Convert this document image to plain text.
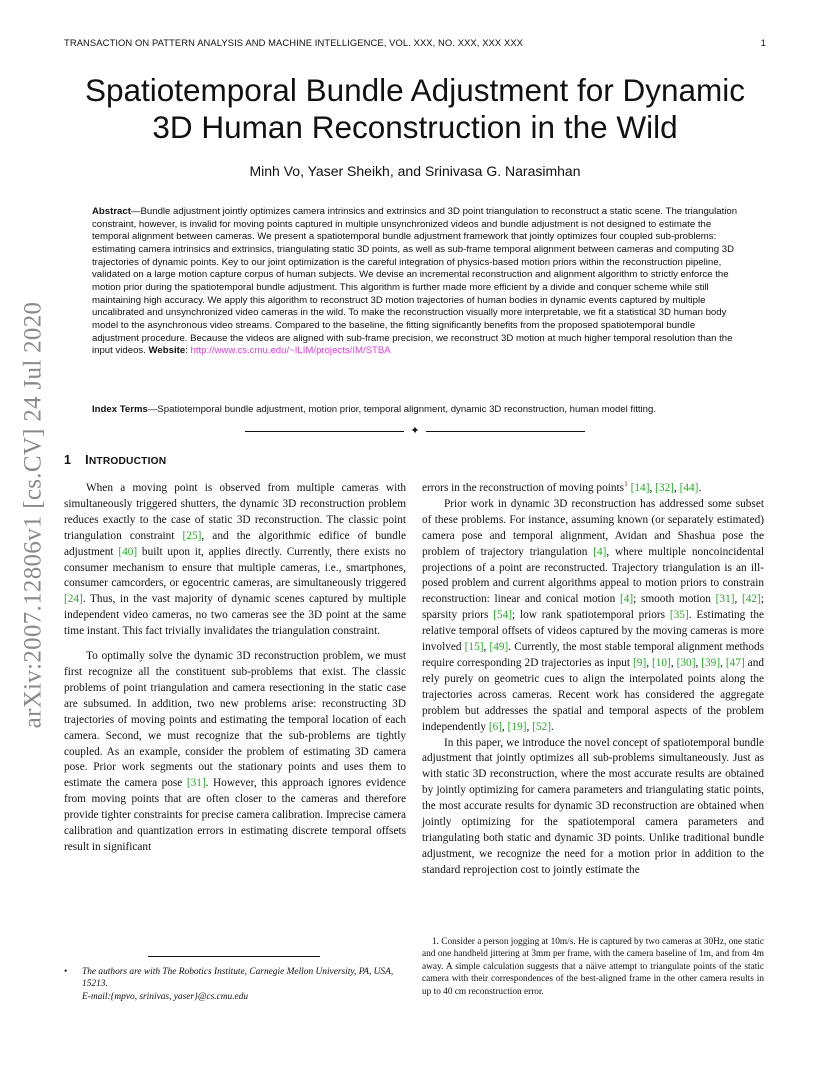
TRANSACTION ON PATTERN ANALYSIS AND MACHINE INTELLIGENCE, VOL. XXX, NO. XXX, XXX XXX	1
arXiv:2007.12806v1 [cs.CV] 24 Jul 2020
Spatiotemporal Bundle Adjustment for Dynamic
3D Human Reconstruction in the Wild
Minh Vo, Yaser Sheikh, and Srinivasa G. Narasimhan
Abstract—Bundle adjustment jointly optimizes camera intrinsics and extrinsics and 3D point triangulation to reconstruct a static scene. The triangulation constraint, however, is invalid for moving points captured in multiple unsynchronized videos and bundle adjustment is not designed to estimate the temporal alignment between cameras. We present a spatiotemporal bundle adjustment framework that jointly optimizes four coupled sub-problems: estimating camera intrinsics and extrinsics, triangulating static 3D points, as well as sub-frame temporal alignment between cameras and computing 3D trajectories of dynamic points. Key to our joint optimization is the careful integration of physics-based motion priors within the reconstruction pipeline, validated on a large motion capture corpus of human subjects. We devise an incremental reconstruction and alignment algorithm to strictly enforce the motion prior during the spatiotemporal bundle adjustment. This algorithm is further made more efficient by a divide and conquer scheme while still maintaining high accuracy. We apply this algorithm to reconstruct 3D motion trajectories of human bodies in dynamic events captured by multiple uncalibrated and unsynchronized video cameras in the wild. To make the reconstruction visually more interpretable, we fit a statistical 3D human body model to the asynchronous video streams. Compared to the baseline, the fitting significantly benefits from the proposed spatiotemporal bundle adjustment procedure. Because the videos are aligned with sub-frame precision, we reconstruct 3D motion at much higher temporal resolution than the input videos. Website: http://www.cs.cmu.edu/~ILIM/projects/IM/STBA
Index Terms—Spatiotemporal bundle adjustment, motion prior, temporal alignment, dynamic 3D reconstruction, human model fitting.
✦
1 INTRODUCTION

When a moving point is observed from multiple cameras with simultaneously triggered shutters, the dynamic 3D reconstruction problem reduces exactly to the case of static 3D reconstruction. The classic point triangulation constraint [25], and the algorithmic edifice of bundle adjustment [40] built upon it, applies directly. Currently, there exists no consumer mechanism to ensure that multiple cameras, i.e., smartphones, consumer camcorders, or egocentric cameras, are simultaneously triggered [24]. Thus, in the vast majority of dynamic scenes captured by multiple independent video cameras, no two cameras see the 3D point at the same time instant. This fact trivially invalidates the triangulation constraint.

To optimally solve the dynamic 3D reconstruction problem, we must first recognize all the constituent sub-problems that exist. The classic problems of point triangulation and camera resectioning in the static case are subsumed. In addition, two new problems arise: reconstructing 3D trajectories of moving points and estimating the temporal location of each camera. Second, we must recognize that the sub-problems are tightly coupled. As an example, consider the problem of estimating 3D camera pose. Prior work segments out the stationary points and uses them to estimate the camera pose [31]. However, this approach ignores evidence from moving points that are often closer to the cameras and therefore provide tighter constraints for precise camera calibration. Imprecise camera calibration and quantization errors in estimating discrete temporal offsets result in significant

errors in the reconstruction of moving points$^1$ [14], [32], [44].

Prior work in dynamic 3D reconstruction has addressed some subset of these problems. For instance, assuming known (or separately estimated) camera pose and temporal alignment, Avidan and Shashua pose the problem of trajectory triangulation [4], where multiple noncoincidental projections of a point are reconstructed. Trajectory triangulation is an ill-posed problem and current algorithms appeal to motion priors to constrain reconstruction: linear and conical motion [4]; smooth motion [31], [42]; sparsity priors [54]; low rank spatiotemporal priors [35]. Estimating the relative temporal offsets of videos captured by the moving cameras is more involved [15], [49]. Currently, the most stable temporal alignment methods require corresponding 2D trajectories as input [9], [10], [30], [39], [47] and rely purely on geometric cues to align the interpolated points along the trajectories across cameras. Recent work has considered the aggregate problem but addresses the spatial and temporal aspects of the problem independently [6], [19], [52].

In this paper, we introduce the novel concept of spatiotemporal bundle adjustment that jointly optimizes all sub-problems simultaneously. Just as with static 3D reconstruction, where the most accurate results are obtained by jointly optimizing for camera parameters and triangulating static points, the most accurate results for dynamic 3D reconstruction are obtained when jointly optimizing for the spatiotemporal camera parameters and triangulating both static and dynamic 3D points. Unlike traditional bundle adjustment, we recognize the need for a motion prior in addition to the standard reprojection cost to jointly estimate the

• The authors are with The Robotics Institute, Carnegie Mellon University, PA, USA, 15213.
E-mail:{mpvo, srinivas, yaser}@cs.cmu.edu
1. Consider a person jogging at 10m/s. He is captured by two cameras at 30Hz, one static and one handheld jittering at 3mm per frame, with the camera baseline of 1m, and from 4m away. A simple calculation suggests that a näive attempt to triangulate points of the static camera with their correspondences of the best-aligned frame in the other camera results in up to 40 cm reconstruction error.
